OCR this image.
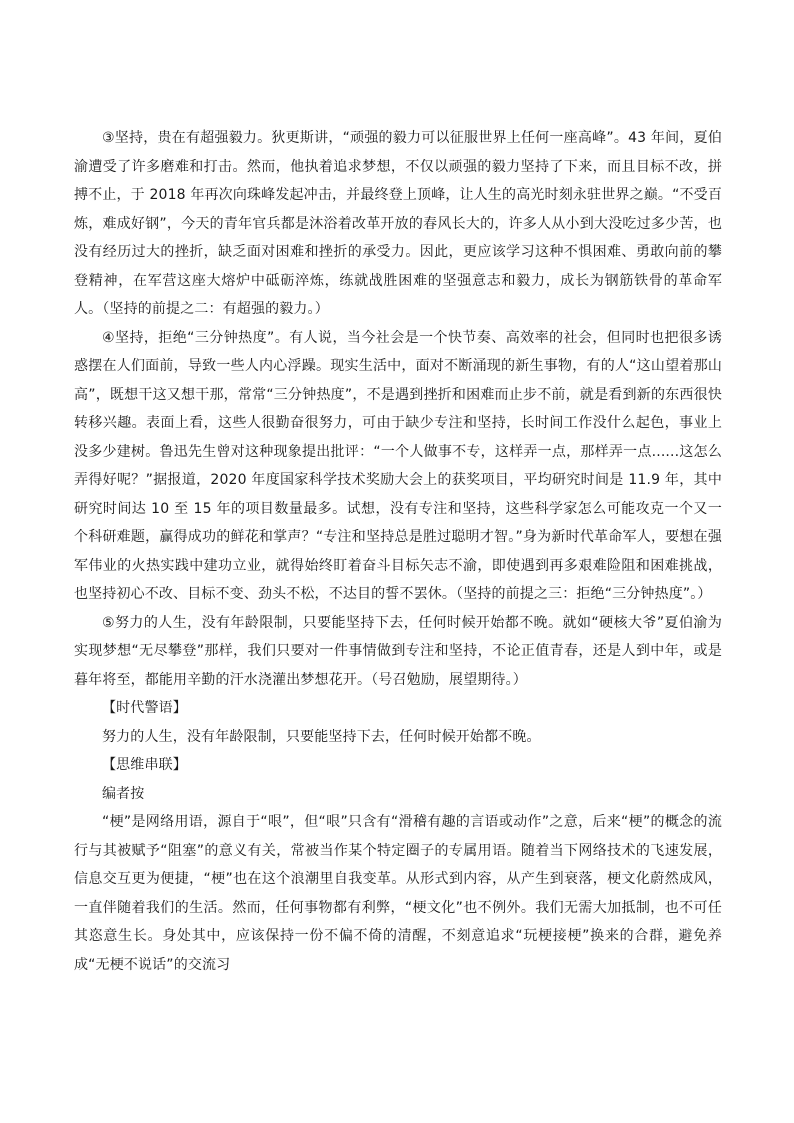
③坚持，贵在有超强毅力。狄更斯讲，“顽强的毅力可以征服世界上任何一座高峰”。43 年间，夏伯渝遭受了许多磨难和打击。然而，他执着追求梦想，不仅以顽强的毅力坚持了下来，而且目标不改，拼搏不止，于 2018 年再次向珠峰发起冲击，并最终登上顶峰，让人生的高光时刻永驻世界之巅。“不受百炼，难成好钢”，今天的青年官兵都是沐浴着改革开放的春风长大的，许多人从小到大没吃过多少苦，也没有经历过大的挫折，缺乏面对困难和挫折的承受力。因此，更应该学习这种不惧困难、勇敢向前的攀登精神，在军营这座大熔炉中砥砺淬炼，练就战胜困难的坚强意志和毅力，成长为钢筋铁骨的革命军人。（坚持的前提之二：有超强的毅力。）

④坚持，拒绝“三分钟热度”。有人说，当今社会是一个快节奏、高效率的社会，但同时也把很多诱惑摆在人们面前，导致一些人内心浮躁。现实生活中，面对不断涌现的新生事物，有的人“这山望着那山高”，既想干这又想干那，常常“三分钟热度”，不是遇到挫折和困难而止步不前，就是看到新的东西很快转移兴趣。表面上看，这些人很勤奋很努力，可由于缺少专注和坚持，长时间工作没什么起色，事业上没多少建树。鲁迅先生曾对这种现象提出批评：“一个人做事不专，这样弄一点，那样弄一点......这怎么弄得好呢？”据报道，2020 年度国家科学技术奖励大会上的获奖项目，平均研究时间是 11.9 年，其中研究时间达 10 至 15 年的项目数量最多。试想，没有专注和坚持，这些科学家怎么可能攻克一个又一个科研难题，赢得成功的鲜花和掌声？“专注和坚持总是胜过聪明才智。”身为新时代革命军人，要想在强军伟业的火热实践中建功立业，就得始终盯着奋斗目标矢志不渝，即使遇到再多艰难险阻和困难挑战，也坚持初心不改、目标不变、劲头不松，不达目的誓不罢休。（坚持的前提之三：拒绝“三分钟热度”。）

⑤努力的人生，没有年龄限制，只要能坚持下去，任何时候开始都不晚。就如“硬核大爷”夏伯渝为实现梦想“无尽攀登”那样，我们只要对一件事情做到专注和坚持，不论正值青春，还是人到中年，或是暮年将至，都能用辛勤的汗水浇灌出梦想花开。（号召勉励，展望期待。）

【时代警语】

努力的人生，没有年龄限制，只要能坚持下去，任何时候开始都不晚。

【思维串联】

编者按

“梗”是网络用语，源自于“哏”，但“哏”只含有“滑稽有趣的言语或动作”之意，后来“梗”的概念的流行与其被赋予“阻塞”的意义有关，常被当作某个特定圈子的专属用语。随着当下网络技术的飞速发展，信息交互更为便捷，“梗”也在这个浪潮里自我变革。从形式到内容，从产生到衰落，梗文化蔚然成风，一直伴随着我们的生活。然而，任何事物都有利弊，“梗文化”也不例外。我们无需大加抵制，也不可任其恣意生长。身处其中，应该保持一份不偏不倚的清醒，不刻意追求“玩梗接梗”换来的合群，避免养成“无梗不说话”的交流习
